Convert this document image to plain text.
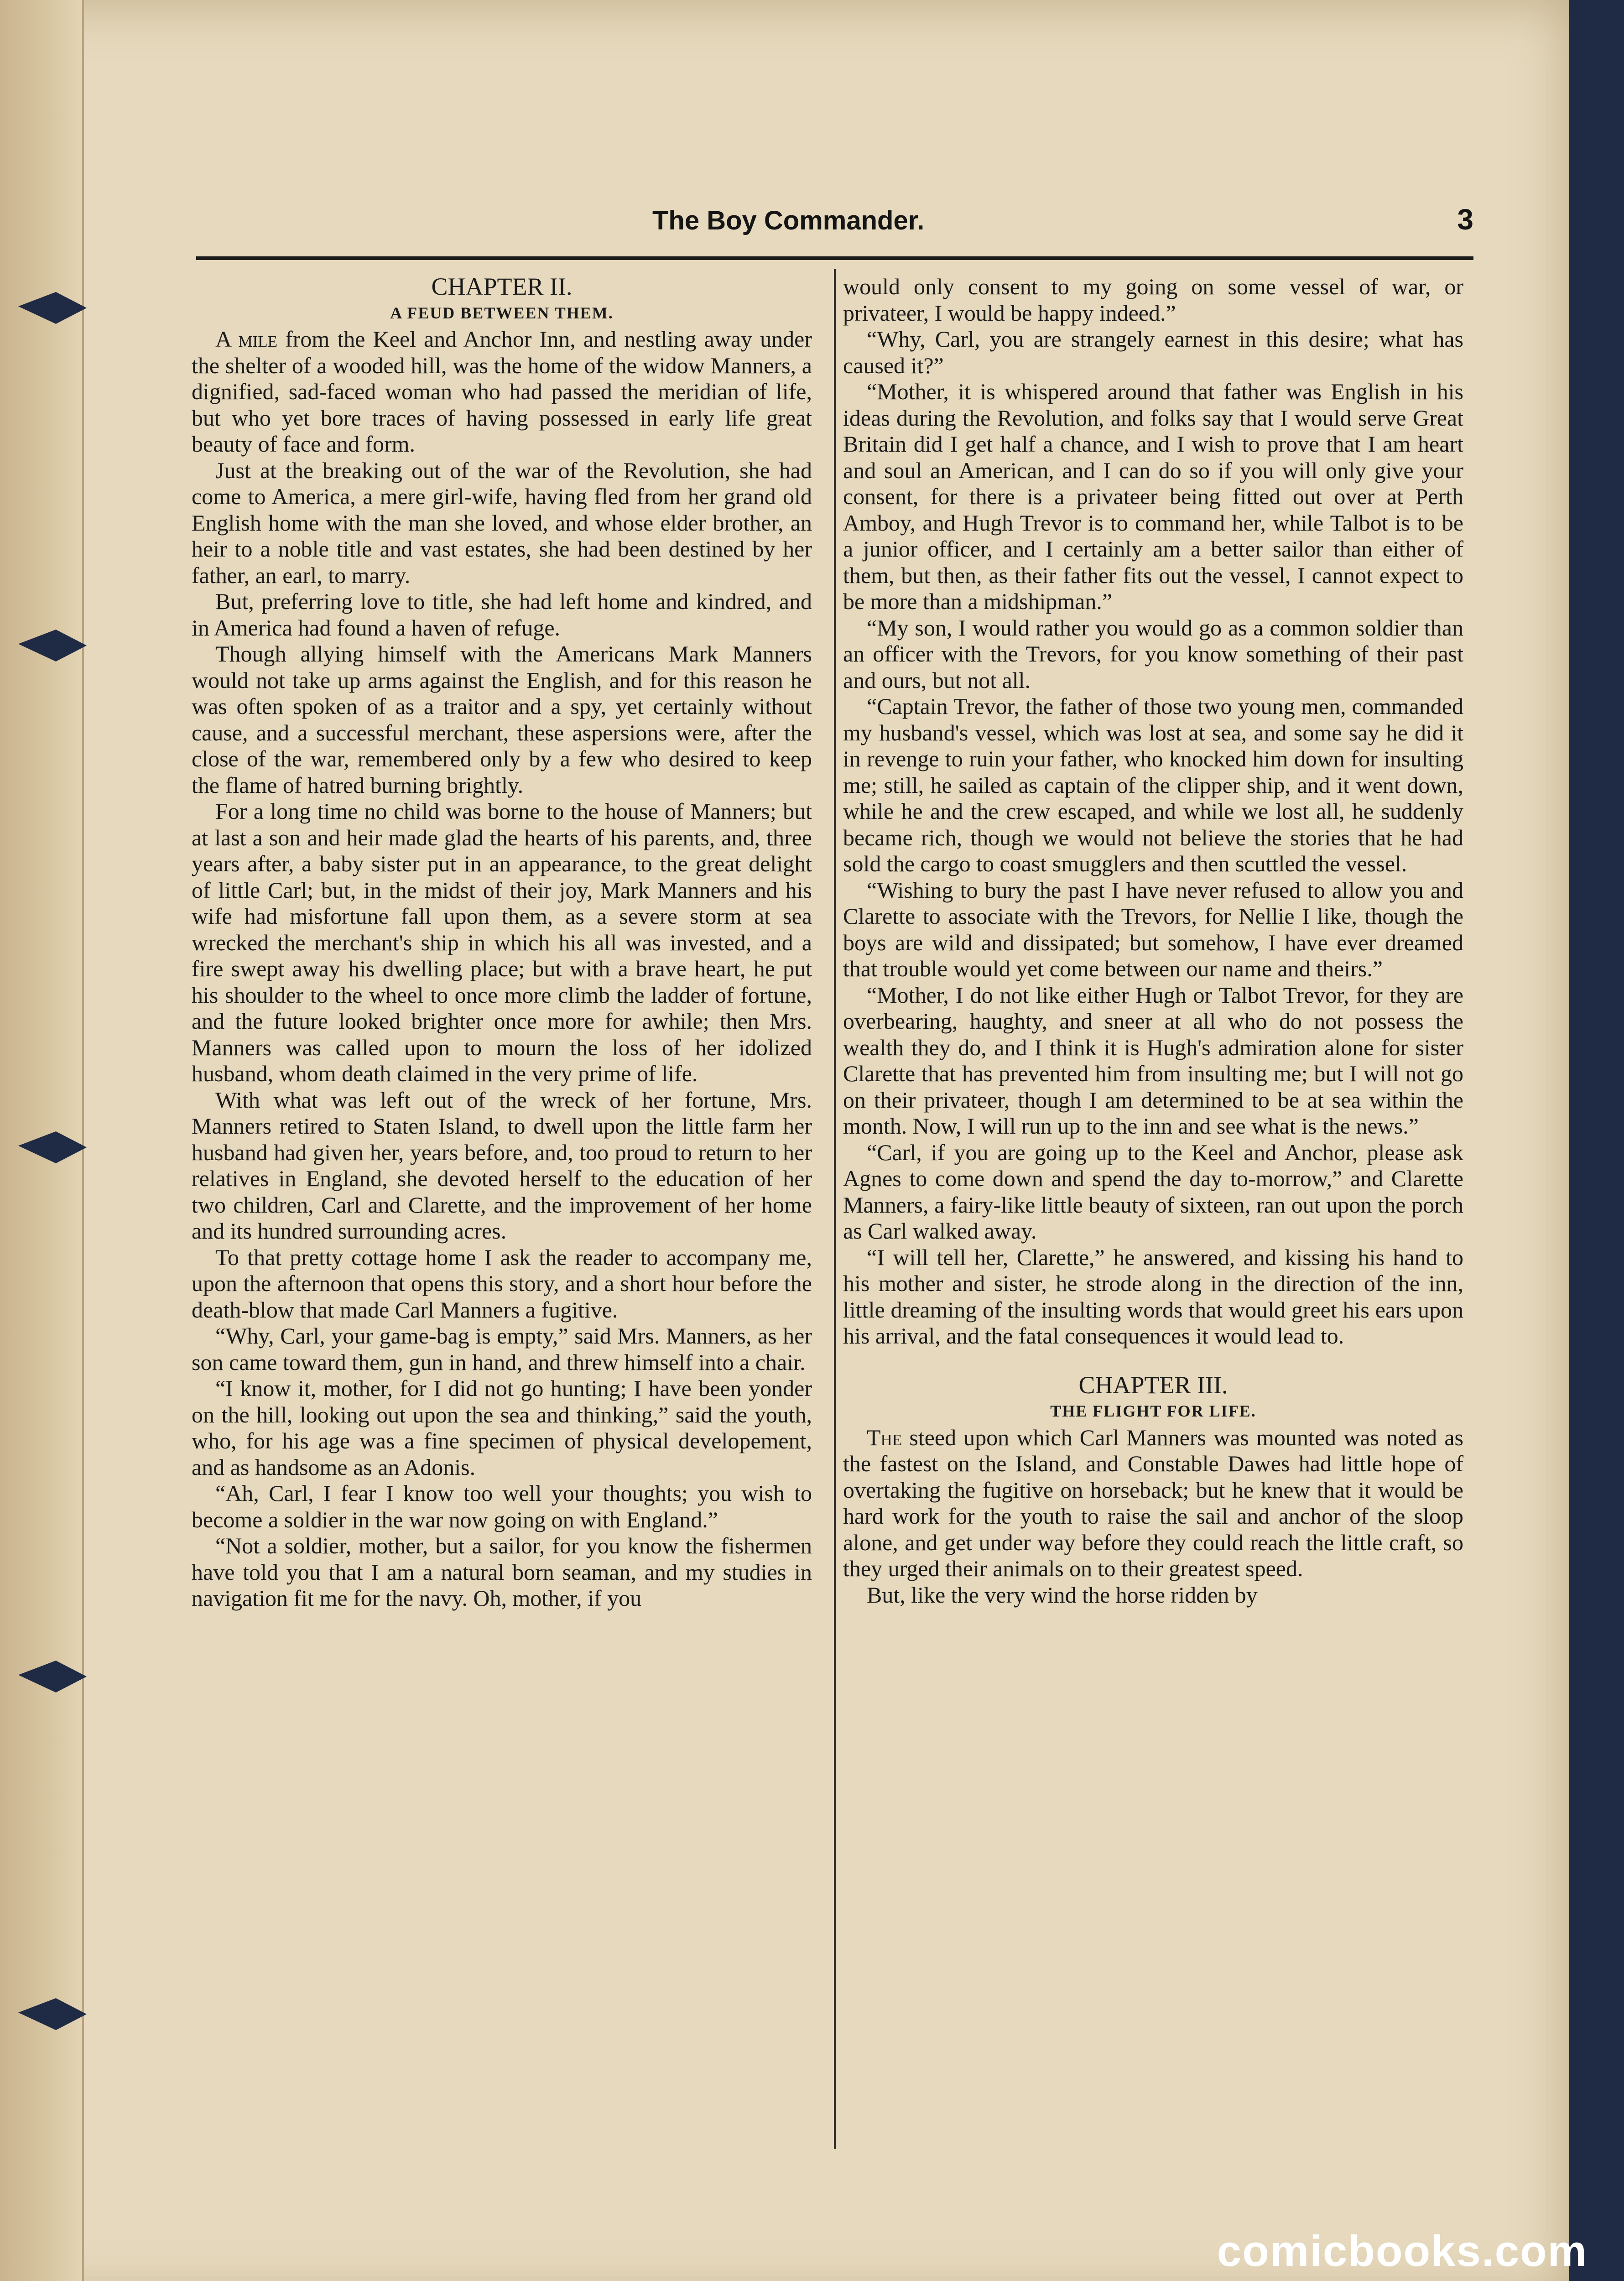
The Boy Commander.	3

CHAPTER II.

A FEUD BETWEEN THEM.

A mile from the Keel and Anchor Inn, and nestling away under the shelter of a wooded hill, was the home of the widow Manners, a dignified, sad-faced woman who had passed the meridian of life, but who yet bore traces of having possessed in early life great beauty of face and form.

Just at the breaking out of the war of the Revolution, she had come to America, a mere girl-wife, having fled from her grand old English home with the man she loved, and whose elder brother, an heir to a noble title and vast estates, she had been destined by her father, an earl, to marry.

But, preferring love to title, she had left home and kindred, and in America had found a haven of refuge.

Though allying himself with the Americans Mark Manners would not take up arms against the English, and for this reason he was often spoken of as a traitor and a spy, yet certainly without cause, and a successful merchant, these aspersions were, after the close of the war, remembered only by a few who desired to keep the flame of hatred burning brightly.

For a long time no child was borne to the house of Manners; but at last a son and heir made glad the hearts of his parents, and, three years after, a baby sister put in an appearance, to the great delight of little Carl; but, in the midst of their joy, Mark Manners and his wife had misfortune fall upon them, as a severe storm at sea wrecked the merchant's ship in which his all was invested, and a fire swept away his dwelling place; but with a brave heart, he put his shoulder to the wheel to once more climb the ladder of fortune, and the future looked brighter once more for awhile; then Mrs. Manners was called upon to mourn the loss of her idolized husband, whom death claimed in the very prime of life.

With what was left out of the wreck of her fortune, Mrs. Manners retired to Staten Island, to dwell upon the little farm her husband had given her, years before, and, too proud to return to her relatives in England, she devoted herself to the education of her two children, Carl and Clarette, and the improvement of her home and its hundred surrounding acres.

To that pretty cottage home I ask the reader to accompany me, upon the afternoon that opens this story, and a short hour before the death-blow that made Carl Manners a fugitive.

“Why, Carl, your game-bag is empty,” said Mrs. Manners, as her son came toward them, gun in hand, and threw himself into a chair.

“I know it, mother, for I did not go hunting; I have been yonder on the hill, looking out upon the sea and thinking,” said the youth, who, for his age was a fine specimen of physical developement, and as handsome as an Adonis.

“Ah, Carl, I fear I know too well your thoughts; you wish to become a soldier in the war now going on with England.”

“Not a soldier, mother, but a sailor, for you know the fishermen have told you that I am a natural born seaman, and my studies in navigation fit me for the navy. Oh, mother, if you

would only consent to my going on some vessel of war, or privateer, I would be happy indeed.”

“Why, Carl, you are strangely earnest in this desire; what has caused it?”

“Mother, it is whispered around that father was English in his ideas during the Revolution, and folks say that I would serve Great Britain did I get half a chance, and I wish to prove that I am heart and soul an American, and I can do so if you will only give your consent, for there is a privateer being fitted out over at Perth Amboy, and Hugh Trevor is to command her, while Talbot is to be a junior officer, and I certainly am a better sailor than either of them, but then, as their father fits out the vessel, I cannot expect to be more than a midshipman.”

“My son, I would rather you would go as a common soldier than an officer with the Trevors, for you know something of their past and ours, but not all.

“Captain Trevor, the father of those two young men, commanded my husband's vessel, which was lost at sea, and some say he did it in revenge to ruin your father, who knocked him down for insulting me; still, he sailed as captain of the clipper ship, and it went down, while he and the crew escaped, and while we lost all, he suddenly became rich, though we would not believe the stories that he had sold the cargo to coast smugglers and then scuttled the vessel.

“Wishing to bury the past I have never refused to allow you and Clarette to associate with the Trevors, for Nellie I like, though the boys are wild and dissipated; but somehow, I have ever dreamed that trouble would yet come between our name and theirs.”

“Mother, I do not like either Hugh or Talbot Trevor, for they are overbearing, haughty, and sneer at all who do not possess the wealth they do, and I think it is Hugh's admiration alone for sister Clarette that has prevented him from insulting me; but I will not go on their privateer, though I am determined to be at sea within the month. Now, I will run up to the inn and see what is the news.”

“Carl, if you are going up to the Keel and Anchor, please ask Agnes to come down and spend the day to-morrow,” and Clarette Manners, a fairy-like little beauty of sixteen, ran out upon the porch as Carl walked away.

“I will tell her, Clarette,” he answered, and kissing his hand to his mother and sister, he strode along in the direction of the inn, little dreaming of the insulting words that would greet his ears upon his arrival, and the fatal consequences it would lead to.

CHAPTER III.

THE FLIGHT FOR LIFE.

The steed upon which Carl Manners was mounted was noted as the fastest on the Island, and Constable Dawes had little hope of overtaking the fugitive on horseback; but he knew that it would be hard work for the youth to raise the sail and anchor of the sloop alone, and get under way before they could reach the little craft, so they urged their animals on to their greatest speed.

But, like the very wind the horse ridden by

comicbooks.com
